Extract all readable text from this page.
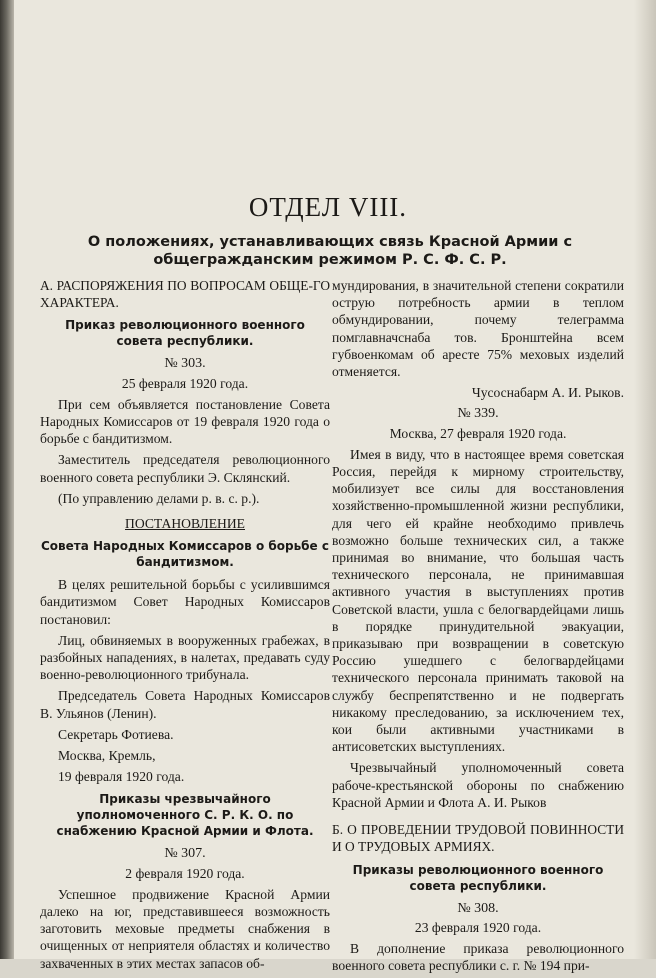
ОТДЕЛ VIII.
О положениях, устанавливающих связь Красной Армии с общегражданским режимом Р. С. Ф. С. Р.
А. РАСПОРЯЖЕНИЯ ПО ВОПРОСАМ ОБЩЕ-ГО ХАРАКТЕРА.
Приказ революционного военного совета республики.
№ 303.
25 февраля 1920 года.

При сем объявляется постановление Совета Народных Комиссаров от 19 февраля 1920 года о борьбе с бандитизмом.

Заместитель председателя революционного военного совета республики Э. Склянский.

(По управлению делами р. в. с. р.).

ПОСТАНОВЛЕНИЕ
Совета Народных Комиссаров о борьбе с бандитизмом.

В целях решительной борьбы с усилившимся бандитизмом Совет Народных Комиссаров постановил:

Лиц, обвиняемых в вооруженных грабежах, в разбойных нападениях, в налетах, предавать суду военно-революционного трибунала.

Председатель Совета Народных Комиссаров В. Ульянов (Ленин).

Секретарь Фотиева.

Москва, Кремль,

19 февраля 1920 года.

Приказы чрезвычайного уполномоченного С. Р. К. О. по снабжению Красной Армии и Флота.
№ 307.
2 февраля 1920 года.

Успешное продвижение Красной Армии далеко на юг, представившееся возможность заготовить меховые предметы снабжения в очищенных от неприятеля областях и количество захваченных в этих местах запасов об-

мундирования, в значительной степени сократили острую потребность армии в теплом обмундировании, почему телеграмма помглавначснаба тов. Бронштейна всем губвоенкомам об аресте 75% меховых изделий отменяется.

Чусоснабарм А. И. Рыков.
№ 339.
Москва, 27 февраля 1920 года.

Имея в виду, что в настоящее время советская Россия, перейдя к мирному строительству, мобилизует все силы для восстановления хозяйственно-промышленной жизни республики, для чего ей крайне необходимо привлечь возможно больше технических сил, а также принимая во внимание, что большая часть технического персонала, не принимавшая активного участия в выступлениях против Советской власти, ушла с белогвардейцами лишь в порядке принудительной эвакуации, приказываю при возвращении в советскую Россию ушедшего с белогвардейцами технического персонала принимать таковой на службу беспрепятственно и не подвергать никакому преследованию, за исключением тех, кои были активными участниками в антисоветских выступлениях.

Чрезвычайный уполномоченный совета рабоче-крестьянской обороны по снабжению Красной Армии и Флота А. И. Рыков

Б. О ПРОВЕДЕНИИ ТРУДОВОЙ ПОВИННОСТИ И О ТРУДОВЫХ АРМИЯХ.
Приказы революционного военного совета республики.
№ 308.
23 февраля 1920 года.

В дополнение приказа революционного военного совета республики с. г. № 194 при-
